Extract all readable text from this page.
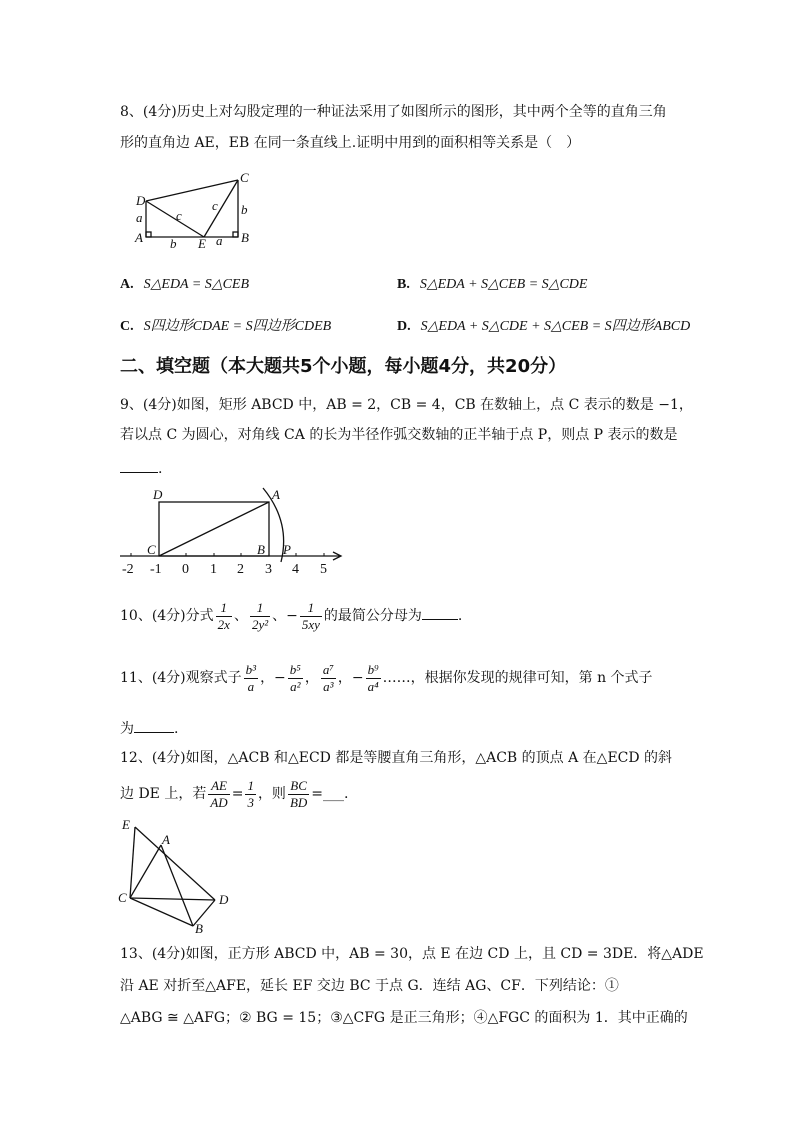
8、(4分)历史上对勾股定理的一种证法采用了如图所示的图形，其中两个全等的直角三角
形的直角边 AE，EB 在同一条直线上.证明中用到的面积相等关系是（　）
D
C
a	c
c b
A b E a B
A. S△EDA = S△CEB	B. S△EDA + S△CEB = S△CDE
C. S四边形CDAE = S四边形CDEB	D. S△EDA + S△CDE + S△CEB = S四边形ABCD
二、填空题（本大题共5个小题，每小题4分，共20分）
9、(4分)如图，矩形 ABCD 中，AB = 2，CB = 4，CB 在数轴上，点 C 表示的数是 −1，
若以点 C 为圆心，对角线 CA 的长为半径作弧交数轴的正半轴于点 P，则点 P 表示的数是
.
D	A
C	B P
-2 -1 0 1 2 3 4 5
10、(4分)分式 $\frac{1}{2x}$ 、 $\frac{1}{\text{2y²}}$ 、− $\frac{1}{5xy}$ 的最简公分母为	.
11、(4分)观察式子 $\frac{\text{b³}}{a}$ ，− $\frac{\text{b⁵}}{\text{a²}}$ ， $\frac{\text{a⁷}}{\text{a³}}$ ，− $\frac{\text{b⁹}}{\text{a⁴}}$ ……，根据你发现的规律可知，第 n 个式子
为	.
12、(4分)如图，△ACB 和△ECD 都是等腰直角三角形，△ACB 的顶点 A 在△ECD 的斜
边 DE 上，若 $\frac{AE}{AD} = \frac{1}{3}$ ，则 $\frac{BC}{BD}$ =___.
E
A
C	D
B
13、(4分)如图，正方形 ABCD 中，AB = 30，点 E 在边 CD 上，且 CD = 3DE．将△ADE
沿 AE 对折至△AFE，延长 EF 交边 BC 于点 G．连结 AG、CF．下列结论：①
△ABG ≅ △AFG；② BG = 15；③△CFG 是正三角形；④△FGC 的面积为 1．其中正确的
